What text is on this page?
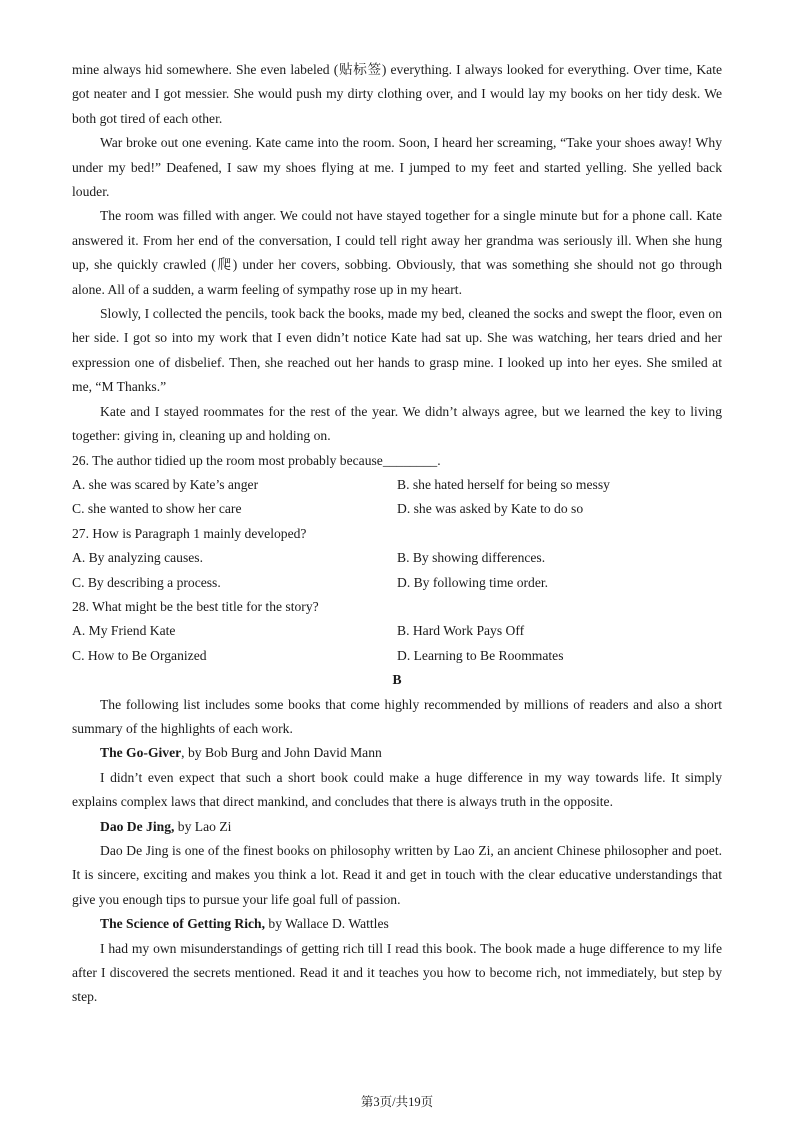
mine always hid somewhere. She even labeled (贴标签) everything. I always looked for everything. Over time, Kate got neater and I got messier. She would push my dirty clothing over, and I would lay my books on her tidy desk. We both got tired of each other.

War broke out one evening. Kate came into the room. Soon, I heard her screaming, “Take your shoes away! Why under my bed!” Deafened, I saw my shoes flying at me. I jumped to my feet and started yelling. She yelled back louder.

The room was filled with anger. We could not have stayed together for a single minute but for a phone call. Kate answered it. From her end of the conversation, I could tell right away her grandma was seriously ill. When she hung up, she quickly crawled (爬) under her covers, sobbing. Obviously, that was something she should not go through alone. All of a sudden, a warm feeling of sympathy rose up in my heart.

Slowly, I collected the pencils, took back the books, made my bed, cleaned the socks and swept the floor, even on her side. I got so into my work that I even didn’t notice Kate had sat up. She was watching, her tears dried and her expression one of disbelief. Then, she reached out her hands to grasp mine. I looked up into her eyes. She smiled at me, “M Thanks.”

Kate and I stayed roommates for the rest of the year. We didn’t always agree, but we learned the key to living together: giving in, cleaning up and holding on.

26. The author tidied up the room most probably because________.

A. she was scared by Kate’s anger	B. she hated herself for being so messy
C. she wanted to show her care	D. she was asked by Kate to do so

27. How is Paragraph 1 mainly developed?

A. By analyzing causes.	B. By showing differences.
C. By describing a process.	D. By following time order.

28. What might be the best title for the story?

A. My Friend Kate	B. Hard Work Pays Off
C. How to Be Organized	D. Learning to Be Roommates

B

The following list includes some books that come highly recommended by millions of readers and also a short summary of the highlights of each work.

The Go-Giver, by Bob Burg and John David Mann

I didn’t even expect that such a short book could make a huge difference in my way towards life. It simply explains complex laws that direct mankind, and concludes that there is always truth in the opposite.

Dao De Jing, by Lao Zi

Dao De Jing is one of the finest books on philosophy written by Lao Zi, an ancient Chinese philosopher and poet. It is sincere, exciting and makes you think a lot. Read it and get in touch with the clear educative understandings that give you enough tips to pursue your life goal full of passion.

The Science of Getting Rich, by Wallace D. Wattles

I had my own misunderstandings of getting rich till I read this book. The book made a huge difference to my life after I discovered the secrets mentioned. Read it and it teaches you how to become rich, not immediately, but step by step.

第3页/共19页
